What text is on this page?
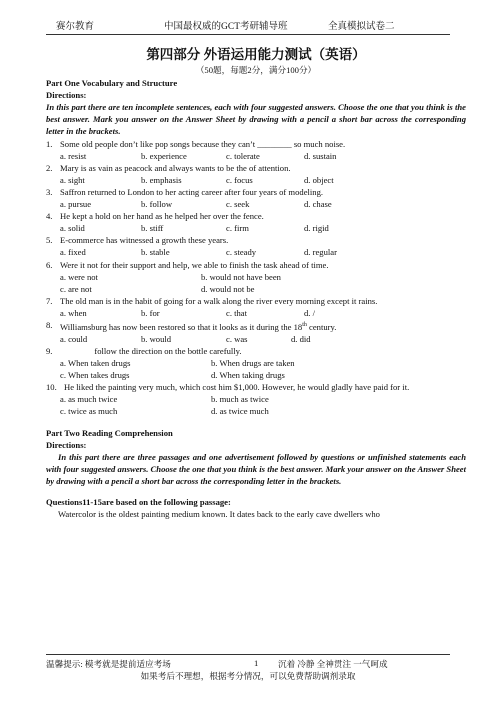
赛尔教育	中国最权威的GCT考研辅导班	全真模拟试卷二
第四部分 外语运用能力测试（英语）
（50题，每题2分，满分100分）
Part One Vocabulary and Structure
Directions:
In this part there are ten incomplete sentences, each with four suggested answers. Choose the one that you think is the best answer. Mark you answer on the Answer Sheet by drawing with a pencil a short bar across the corresponding letter in the brackets.
1. Some old people don’t like pop songs because they can’t ________ so much noise.
a. resist	b. experience	c. tolerate	d. sustain
2. Mary is as vain as peacock and always wants to be the of attention.
a. sight	b. emphasis	c. focus	d. object
3. Saffron returned to London to her acting career after four years of modeling.
a. pursue	b. follow	c. seek	d. chase
4. He kept a hold on her hand as he helped her over the fence.
a. solid	b. stiff	c. firm	d. rigid
5. E-commerce has witnessed a growth these years.
a. fixed	b. stable	c. steady	d. regular
6. Were it not for their support and help, we able to finish the task ahead of time.
a. were not	b. would not have been
c. are not	d. would not be
7. The old man is in the habit of going for a walk along the river every morning except it rains.
a. when	b. for	c. that	d. /
8. Williamsburg has now been restored so that it looks as it during the 18th century.
a. could	b. would	c. was	d. did
9. follow the direction on the bottle carefully.
a. When taken drugs	b. When drugs are taken
c. When takes drugs	d. When taking drugs
10. He liked the painting very much, which cost him $1,000. However, he would gladly have paid for it.
a. as much twice	b. much as twice
c. twice as much	d. as twice much
Part Two Reading Comprehension
Directions:
In this part there are three passages and one advertisement followed by questions or unfinished statements each with four suggested answers. Choose the one that you think is the best answer. Mark your answer on the Answer Sheet by drawing with a pencil a short bar across the corresponding letter in the brackets.
Questions11-15are based on the following passage:
Watercolor is the oldest painting medium known. It dates back to the early cave dwellers who
温馨提示: 模考就是提前适应考场	1 沉着 冷静 全神贯注 一气呵成
如果考后不理想，根据考分情况，可以免费帮助调剂录取
